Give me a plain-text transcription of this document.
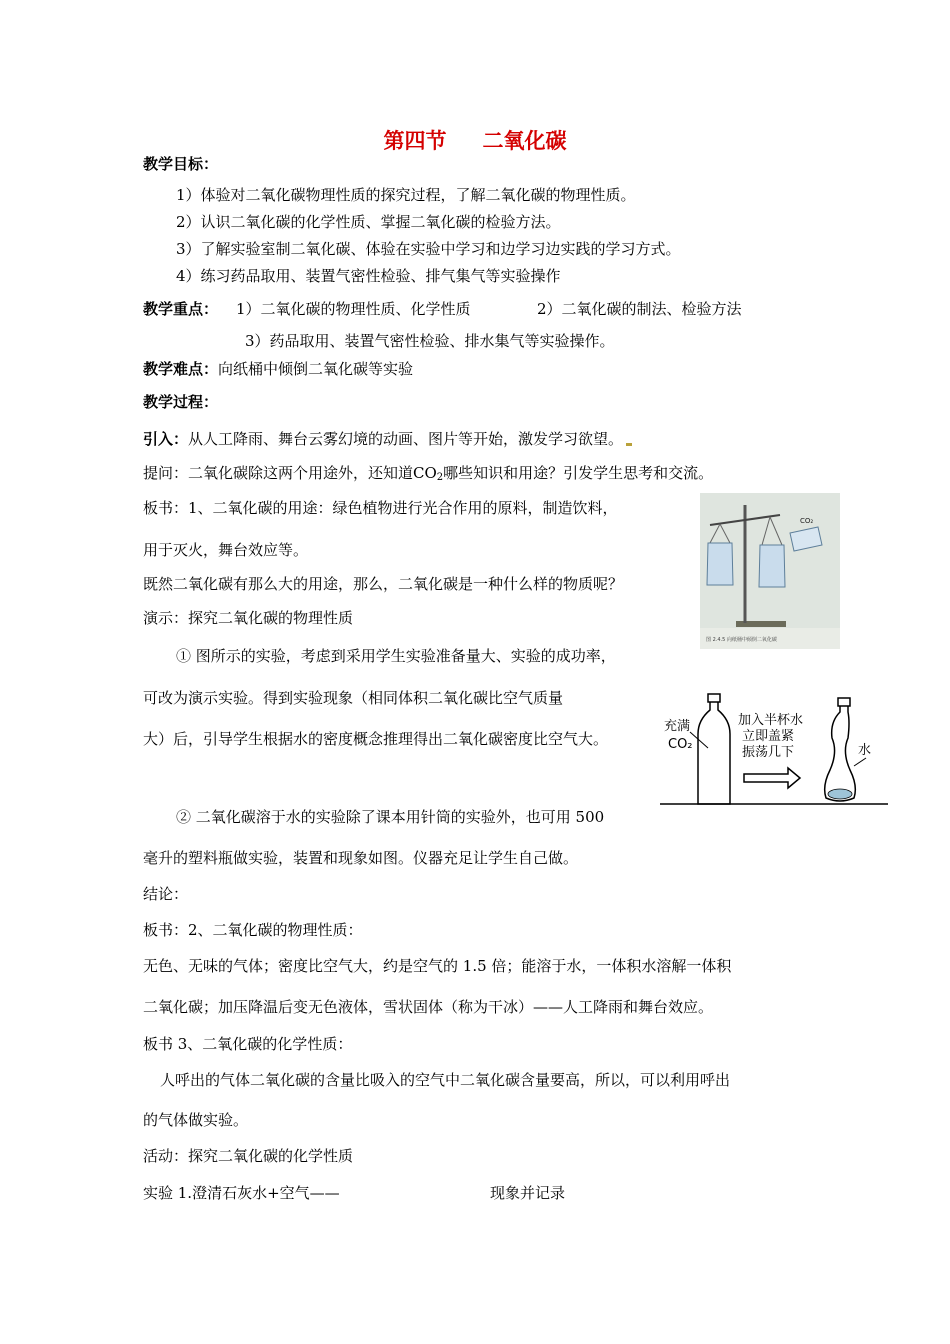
第四节 二氧化碳
教学目标：
1）体验对二氧化碳物理性质的探究过程，了解二氧化碳的物理性质。
2）认识二氧化碳的化学性质、掌握二氧化碳的检验方法。
3）了解实验室制二氧化碳、体验在实验中学习和边学习边实践的学习方式。
4）练习药品取用、装置气密性检验、排气集气等实验操作
教学重点： 1）二氧化碳的物理性质、化学性质	2）二氧化碳的制法、检验方法
3）药品取用、装置气密性检验、排水集气等实验操作。
教学难点：向纸桶中倾倒二氧化碳等实验
教学过程：
引入：从人工降雨、舞台云雾幻境的动画、图片等开始，激发学习欲望。
提问：二氧化碳除这两个用途外，还知道$CO_2$哪些知识和用途？引发学生思考和交流。
板书：1、二氧化碳的用途：绿色植物进行光合作用的原料，制造饮料，
用于灭火，舞台效应等。
既然二氧化碳有那么大的用途，那么，二氧化碳是一种什么样的物质呢？
演示：探究二氧化碳的物理性质
① 图所示的实验，考虑到采用学生实验准备量大、实验的成功率，
可改为演示实验。得到实验现象（相同体积二氧化碳比空气质量
大）后，引导学生根据水的密度概念推理得出二氧化碳密度比空气大。
② 二氧化碳溶于水的实验除了课本用针筒的实验外，也可用 500
毫升的塑料瓶做实验，装置和现象如图。仪器充足让学生自己做。
结论：
板书：2、二氧化碳的物理性质：
无色、无味的气体；密度比空气大，约是空气的 1.5 倍；能溶于水，一体积水溶解一体积
二氧化碳；加压降温后变无色液体，雪状固体（称为干冰）——人工降雨和舞台效应。
板书 3、二氧化碳的化学性质：
人呼出的气体二氧化碳的含量比吸入的空气中二氧化碳含量要高，所以，可以利用呼出
的气体做实验。
活动：探究二氧化碳的化学性质
实验 1.澄清石灰水+空气——	现象并记录
CO₂
图 2.4.5 向纸桶中倾倒二氧化碳
充满
CO₂
加入半杯水
立即盖紧
振荡几下	水
